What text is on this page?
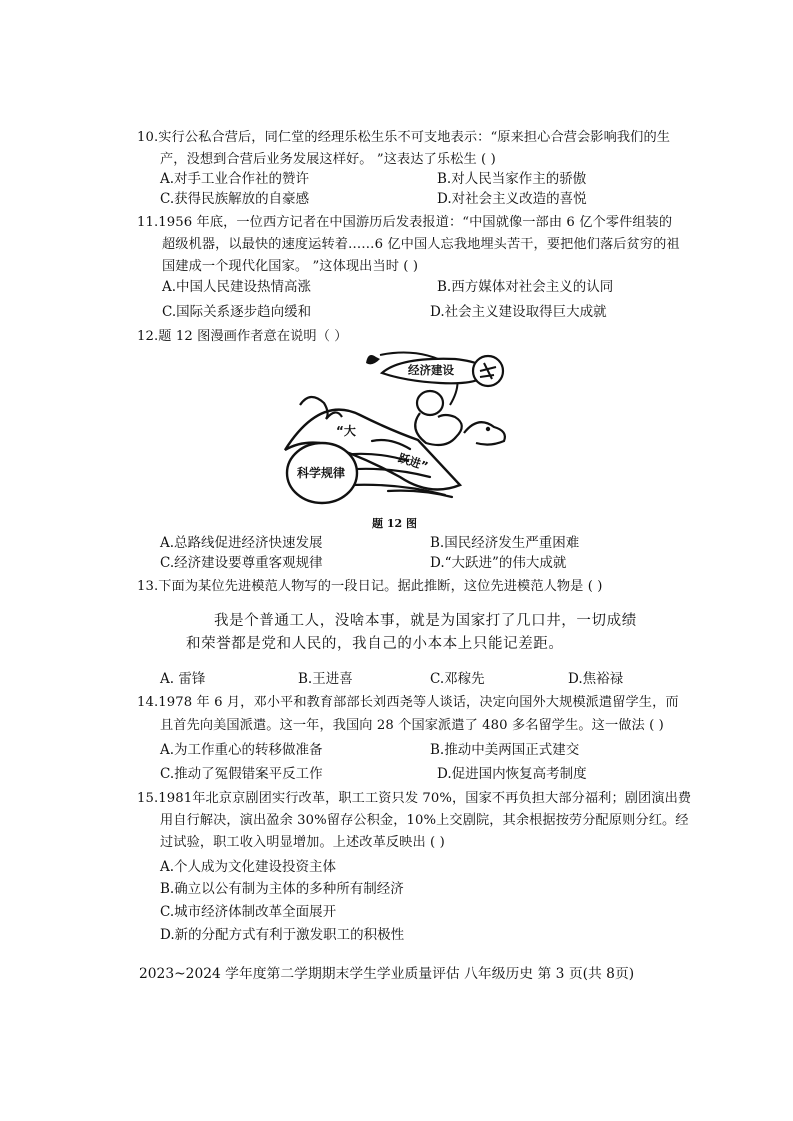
10.实行公私合营后，同仁堂的经理乐松生乐不可支地表示：“原来担心合营会影响我们的生
产，没想到合营后业务发展这样好。 ”这表达了乐松生 ( )
A.对手工业合作社的赞许	B.对人民当家作主的骄傲
C.获得民族解放的自豪感	D.对社会主义改造的喜悦
11.1956 年底，一位西方记者在中国游历后发表报道：“中国就像一部由 6 亿个零件组装的
超级机器，以最快的速度运转着……6 亿中国人忘我地埋头苦干，要把他们落后贫穷的祖
国建成一个现代化国家。 ”这体现出当时 ( )
A.中国人民建设热情高涨	B.西方媒体对社会主义的认同
C.国际关系逐步趋向缓和	D.社会主义建设取得巨大成就
12.题 12 图漫画作者意在说明（ ）
经济建设
“大
跃进”
科学规律
题 12 图
A.总路线促进经济快速发展	B.国民经济发生严重困难
C.经济建设要尊重客观规律	D.“大跃进”的伟大成就
13.下面为某位先进模范人物写的一段日记。据此推断，这位先进模范人物是 ( )
我是个普通工人，没啥本事，就是为国家打了几口井，一切成绩
和荣誉都是党和人民的，我自己的小本本上只能记差距。
A. 雷锋	B.王进喜	C.邓稼先	D.焦裕禄
14.1978 年 6 月，邓小平和教育部部长刘西尧等人谈话，决定向国外大规模派遣留学生，而
且首先向美国派遣。这一年，我国向 28 个国家派遣了 480 多名留学生。这一做法 ( )
A.为工作重心的转移做准备	B.推动中美两国正式建交
C.推动了冤假错案平反工作	D.促进国内恢复高考制度
15.1981年北京京剧团实行改革，职工工资只发 70%，国家不再负担大部分福利；剧团演出费
用自行解决，演出盈余 30%留存公积金，10%上交剧院，其余根据按劳分配原则分红。经
过试验，职工收入明显增加。上述改革反映出 ( )
A.个人成为文化建设投资主体
B.确立以公有制为主体的多种所有制经济
C.城市经济体制改革全面展开
D.新的分配方式有利于激发职工的积极性
2023~2024 学年度第二学期期末学生学业质量评估 八年级历史 第 3 页(共 8页)
